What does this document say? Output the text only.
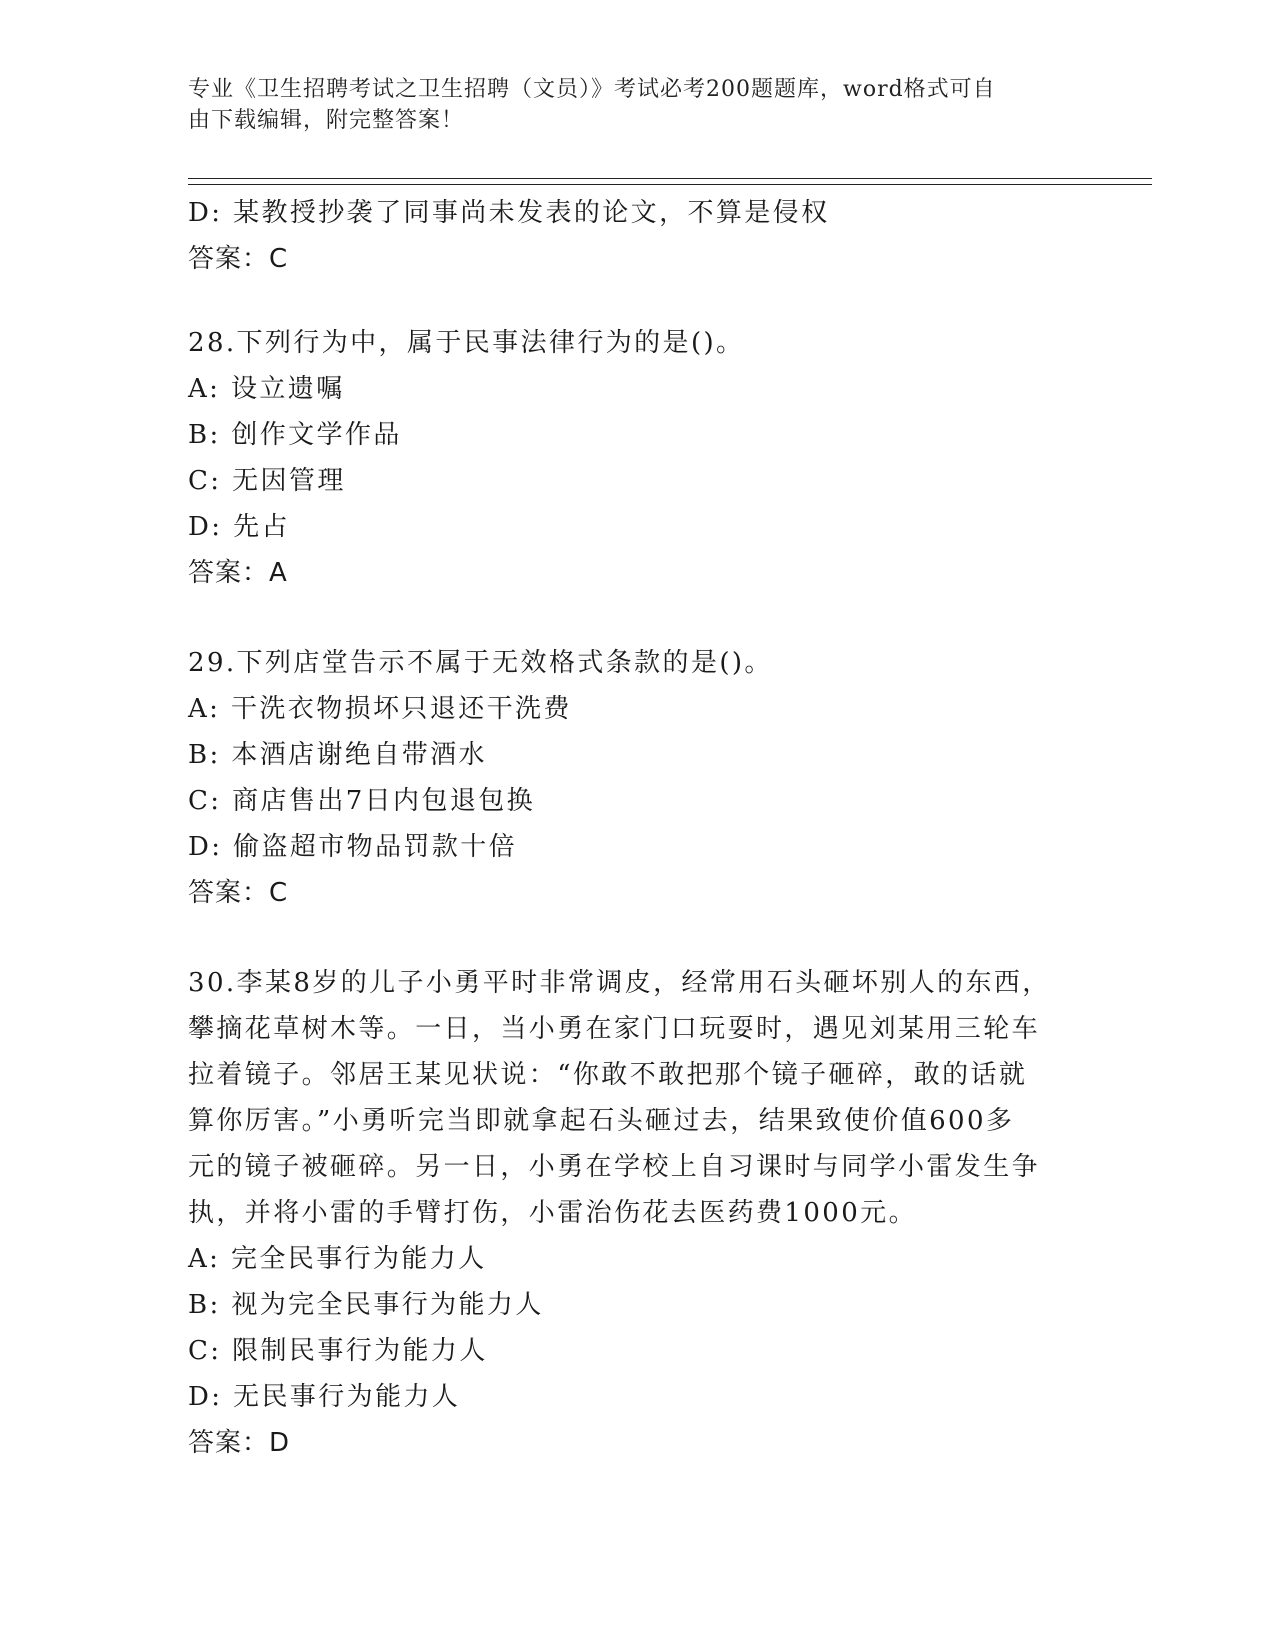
专业《卫生招聘考试之卫生招聘（文员）》考试必考200题题库，word格式可自
由下载编辑，附完整答案！
D: 某教授抄袭了同事尚未发表的论文，不算是侵权
答案：C
28.下列行为中，属于民事法律行为的是()。
A: 设立遗嘱
B: 创作文学作品
C: 无因管理
D: 先占
答案：A
29.下列店堂告示不属于无效格式条款的是()。
A: 干洗衣物损坏只退还干洗费
B: 本酒店谢绝自带酒水
C: 商店售出7日内包退包换
D: 偷盗超市物品罚款十倍
答案：C
30.李某8岁的儿子小勇平时非常调皮，经常用石头砸坏别人的东西，
攀摘花草树木等。一日，当小勇在家门口玩耍时，遇见刘某用三轮车
拉着镜子。邻居王某见状说：“你敢不敢把那个镜子砸碎，敢的话就
算你厉害。”小勇听完当即就拿起石头砸过去，结果致使价值600多
元的镜子被砸碎。另一日，小勇在学校上自习课时与同学小雷发生争
执，并将小雷的手臂打伤，小雷治伤花去医药费1000元。
A: 完全民事行为能力人
B: 视为完全民事行为能力人
C: 限制民事行为能力人
D: 无民事行为能力人
答案：D
